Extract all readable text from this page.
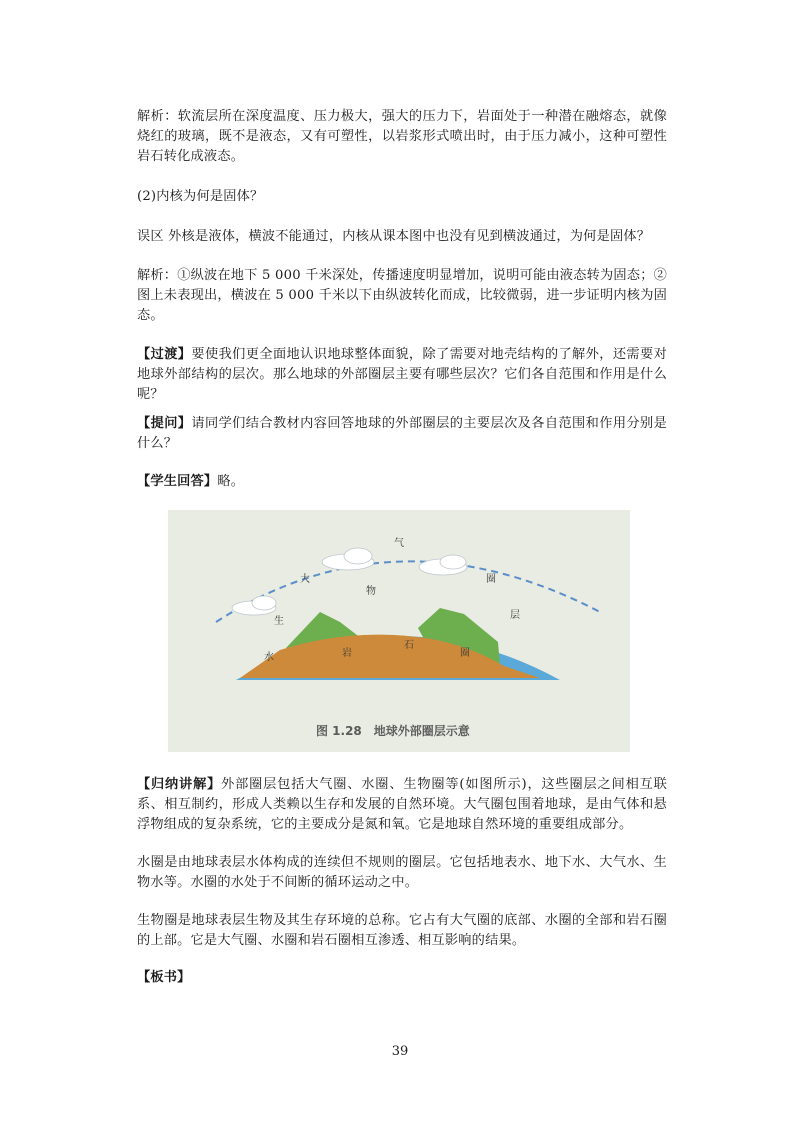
解析：软流层所在深度温度、压力极大，强大的压力下，岩面处于一种潜在融熔态，就像烧红的玻璃，既不是液态，又有可塑性，以岩浆形式喷出时，由于压力减小，这种可塑性岩石转化成液态。

(2)内核为何是固体？

误区 外核是液体，横波不能通过，内核从课本图中也没有见到横波通过，为何是固体？

解析：①纵波在地下 5 000 千米深处，传播速度明显增加，说明可能由液态转为固态；②图上未表现出，横波在 5 000 千米以下由纵波转化而成，比较微弱，进一步证明内核为固态。

【过渡】要使我们更全面地认识地球整体面貌，除了需要对地壳结构的了解外，还需要对地球外部结构的层次。那么地球的外部圈层主要有哪些层次？它们各自范围和作用是什么呢？

【提问】请同学们结合教材内容回答地球的外部圈层的主要层次及各自范围和作用分别是什么？

【学生回答】略。

大
气
圈
层
生
物
水	岩
石
圈
图 1.28　地球外部圈层示意

【归纳讲解】外部圈层包括大气圈、水圈、生物圈等(如图所示)，这些圈层之间相互联系、相互制约，形成人类赖以生存和发展的自然环境。大气圈包围着地球，是由气体和悬浮物组成的复杂系统，它的主要成分是氮和氧。它是地球自然环境的重要组成部分。

水圈是由地球表层水体构成的连续但不规则的圈层。它包括地表水、地下水、大气水、生物水等。水圈的水处于不间断的循环运动之中。

生物圈是地球表层生物及其生存环境的总称。它占有大气圈的底部、水圈的全部和岩石圈的上部。它是大气圈、水圈和岩石圈相互渗透、相互影响的结果。

【板书】

39
